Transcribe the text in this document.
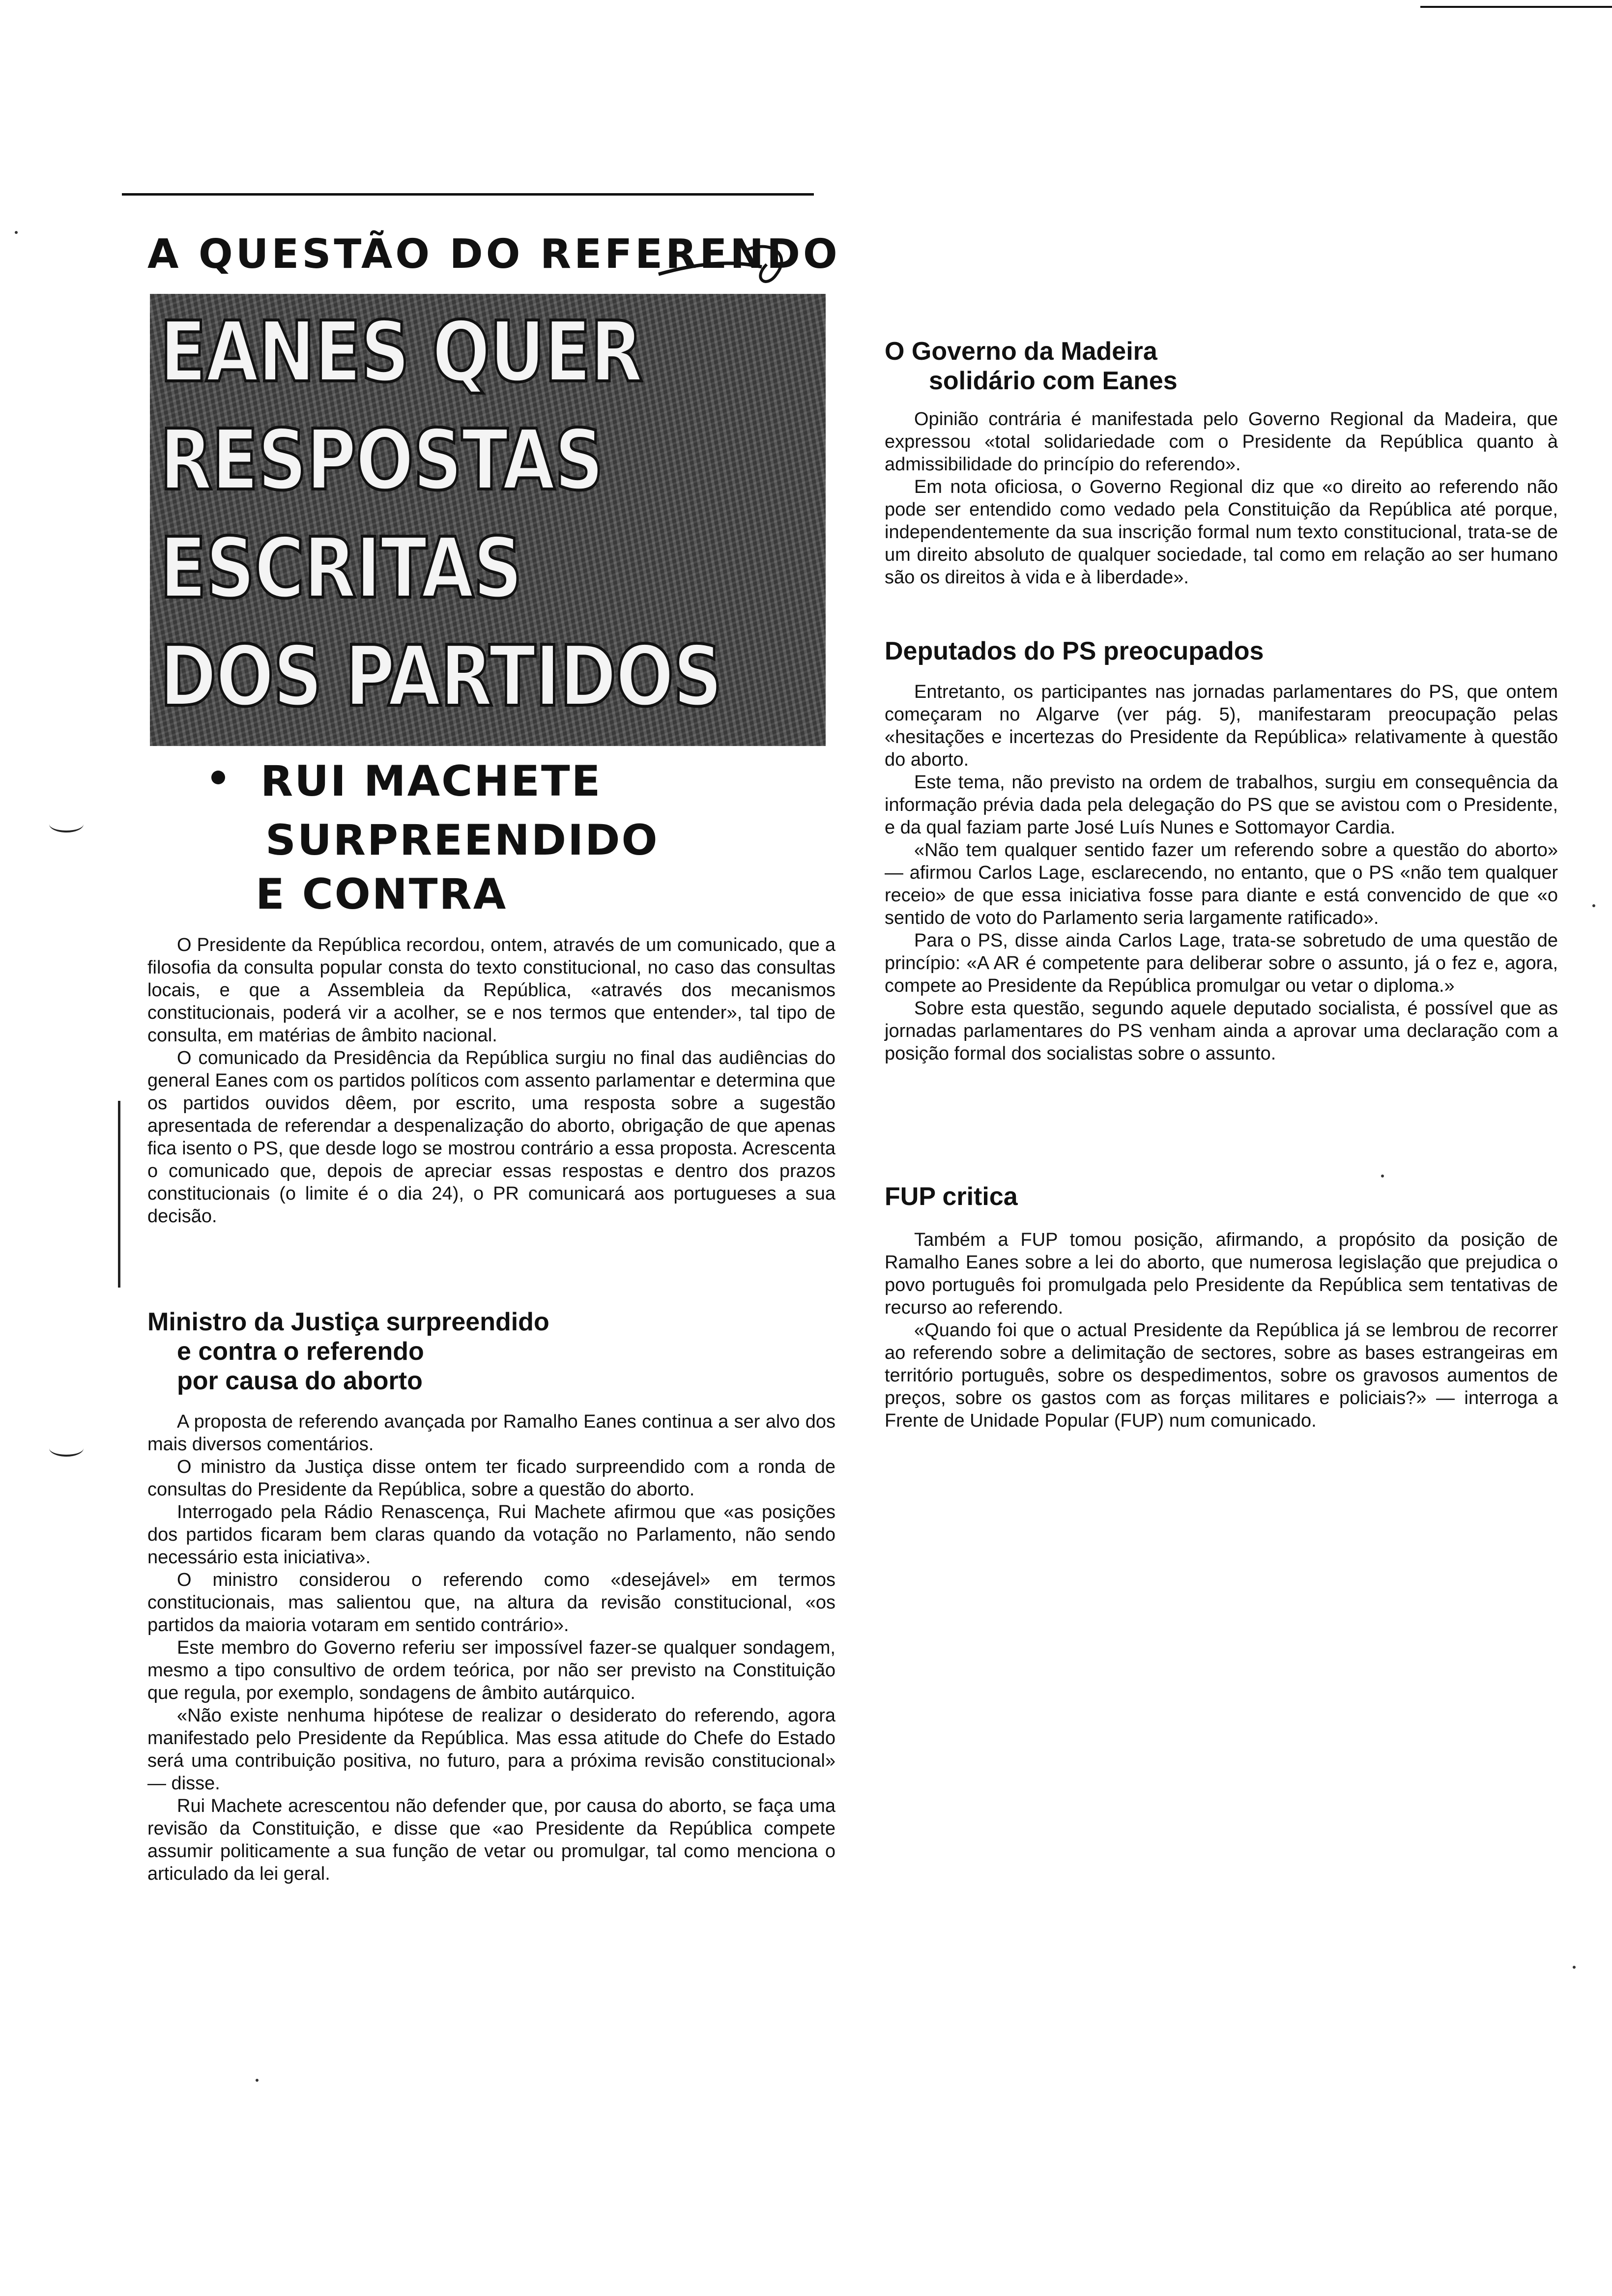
A QUESTÃO DO REFERENDO
EANES QUER
RESPOSTAS
ESCRITAS
DOS PARTIDOS
RUI MACHETE
SURPREENDIDO
E CONTRA

O Presidente da República recordou, ontem, através de um comunicado, que a filosofia da consulta popular consta do texto constitucional, no caso das consultas locais, e que a Assembleia da República, «através dos mecanismos constitucionais, poderá vir a acolher, se e nos termos que entender», tal tipo de consulta, em matérias de âmbito nacional.

O comunicado da Presidência da República surgiu no final das audiências do general Eanes com os partidos políticos com assento parlamentar e determina que os partidos ouvidos dêem, por escrito, uma resposta sobre a sugestão apresentada de referendar a despenalização do aborto, obrigação de que apenas fica isento o PS, que desde logo se mostrou contrário a essa proposta. Acrescenta o comunicado que, depois de apreciar essas respostas e dentro dos prazos constitucionais (o limite é o dia 24), o PR comunicará aos portugueses a sua decisão.

Ministro da Justiça surpreendido
e contra o referendo
por causa do aborto

A proposta de referendo avançada por Ramalho Eanes continua a ser alvo dos mais diversos comentários.

O ministro da Justiça disse ontem ter ficado surpreendido com a ronda de consultas do Presidente da República, sobre a questão do aborto.

Interrogado pela Rádio Renascença, Rui Machete afirmou que «as posições dos partidos ficaram bem claras quando da votação no Parlamento, não sendo necessário esta iniciativa».

O ministro considerou o referendo como «desejável» em termos constitucionais, mas salientou que, na altura da revisão constitucional, «os partidos da maioria votaram em sentido contrário».

Este membro do Governo referiu ser impossível fazer-se qualquer sondagem, mesmo a tipo consultivo de ordem teórica, por não ser previsto na Constituição que regula, por exemplo, sondagens de âmbito autárquico.

«Não existe nenhuma hipótese de realizar o desiderato do referendo, agora manifestado pelo Presidente da República. Mas essa atitude do Chefe do Estado será uma contribuição positiva, no futuro, para a próxima revisão constitucional» — disse.

Rui Machete acrescentou não defender que, por causa do aborto, se faça uma revisão da Constituição, e disse que «ao Presidente da República compete assumir politicamente a sua função de vetar ou promulgar, tal como menciona o articulado da lei geral.

O Governo da Madeira
solidário com Eanes

Opinião contrária é manifestada pelo Governo Regional da Madeira, que expressou «total solidariedade com o Presidente da República quanto à admissibilidade do princípio do referendo».

Em nota oficiosa, o Governo Regional diz que «o direito ao referendo não pode ser entendido como vedado pela Constituição da República até porque, independentemente da sua inscrição formal num texto constitucional, trata-se de um direito absoluto de qualquer sociedade, tal como em relação ao ser humano são os direitos à vida e à liberdade».

Deputados do PS preocupados

Entretanto, os participantes nas jornadas parlamentares do PS, que ontem começaram no Algarve (ver pág. 5), manifestaram preocupação pelas «hesitações e incertezas do Presidente da República» relativamente à questão do aborto.

Este tema, não previsto na ordem de trabalhos, surgiu em consequência da informação prévia dada pela delegação do PS que se avistou com o Presidente, e da qual faziam parte José Luís Nunes e Sottomayor Cardia.

«Não tem qualquer sentido fazer um referendo sobre a questão do aborto» — afirmou Carlos Lage, esclarecendo, no entanto, que o PS «não tem qualquer receio» de que essa iniciativa fosse para diante e está convencido de que «o sentido de voto do Parlamento seria largamente ratificado».

Para o PS, disse ainda Carlos Lage, trata-se sobretudo de uma questão de princípio: «A AR é competente para deliberar sobre o assunto, já o fez e, agora, compete ao Presidente da República promulgar ou vetar o diploma.»

Sobre esta questão, segundo aquele deputado socialista, é possível que as jornadas parlamentares do PS venham ainda a aprovar uma declaração com a posição formal dos socialistas sobre o assunto.

FUP critica

Também a FUP tomou posição, afirmando, a propósito da posição de Ramalho Eanes sobre a lei do aborto, que numerosa legislação que prejudica o povo português foi promulgada pelo Presidente da República sem tentativas de recurso ao referendo.

«Quando foi que o actual Presidente da República já se lembrou de recorrer ao referendo sobre a delimitação de sectores, sobre as bases estrangeiras em território português, sobre os despedimentos, sobre os gravosos aumentos de preços, sobre os gastos com as forças militares e policiais?» — interroga a Frente de Unidade Popular (FUP) num comunicado.
